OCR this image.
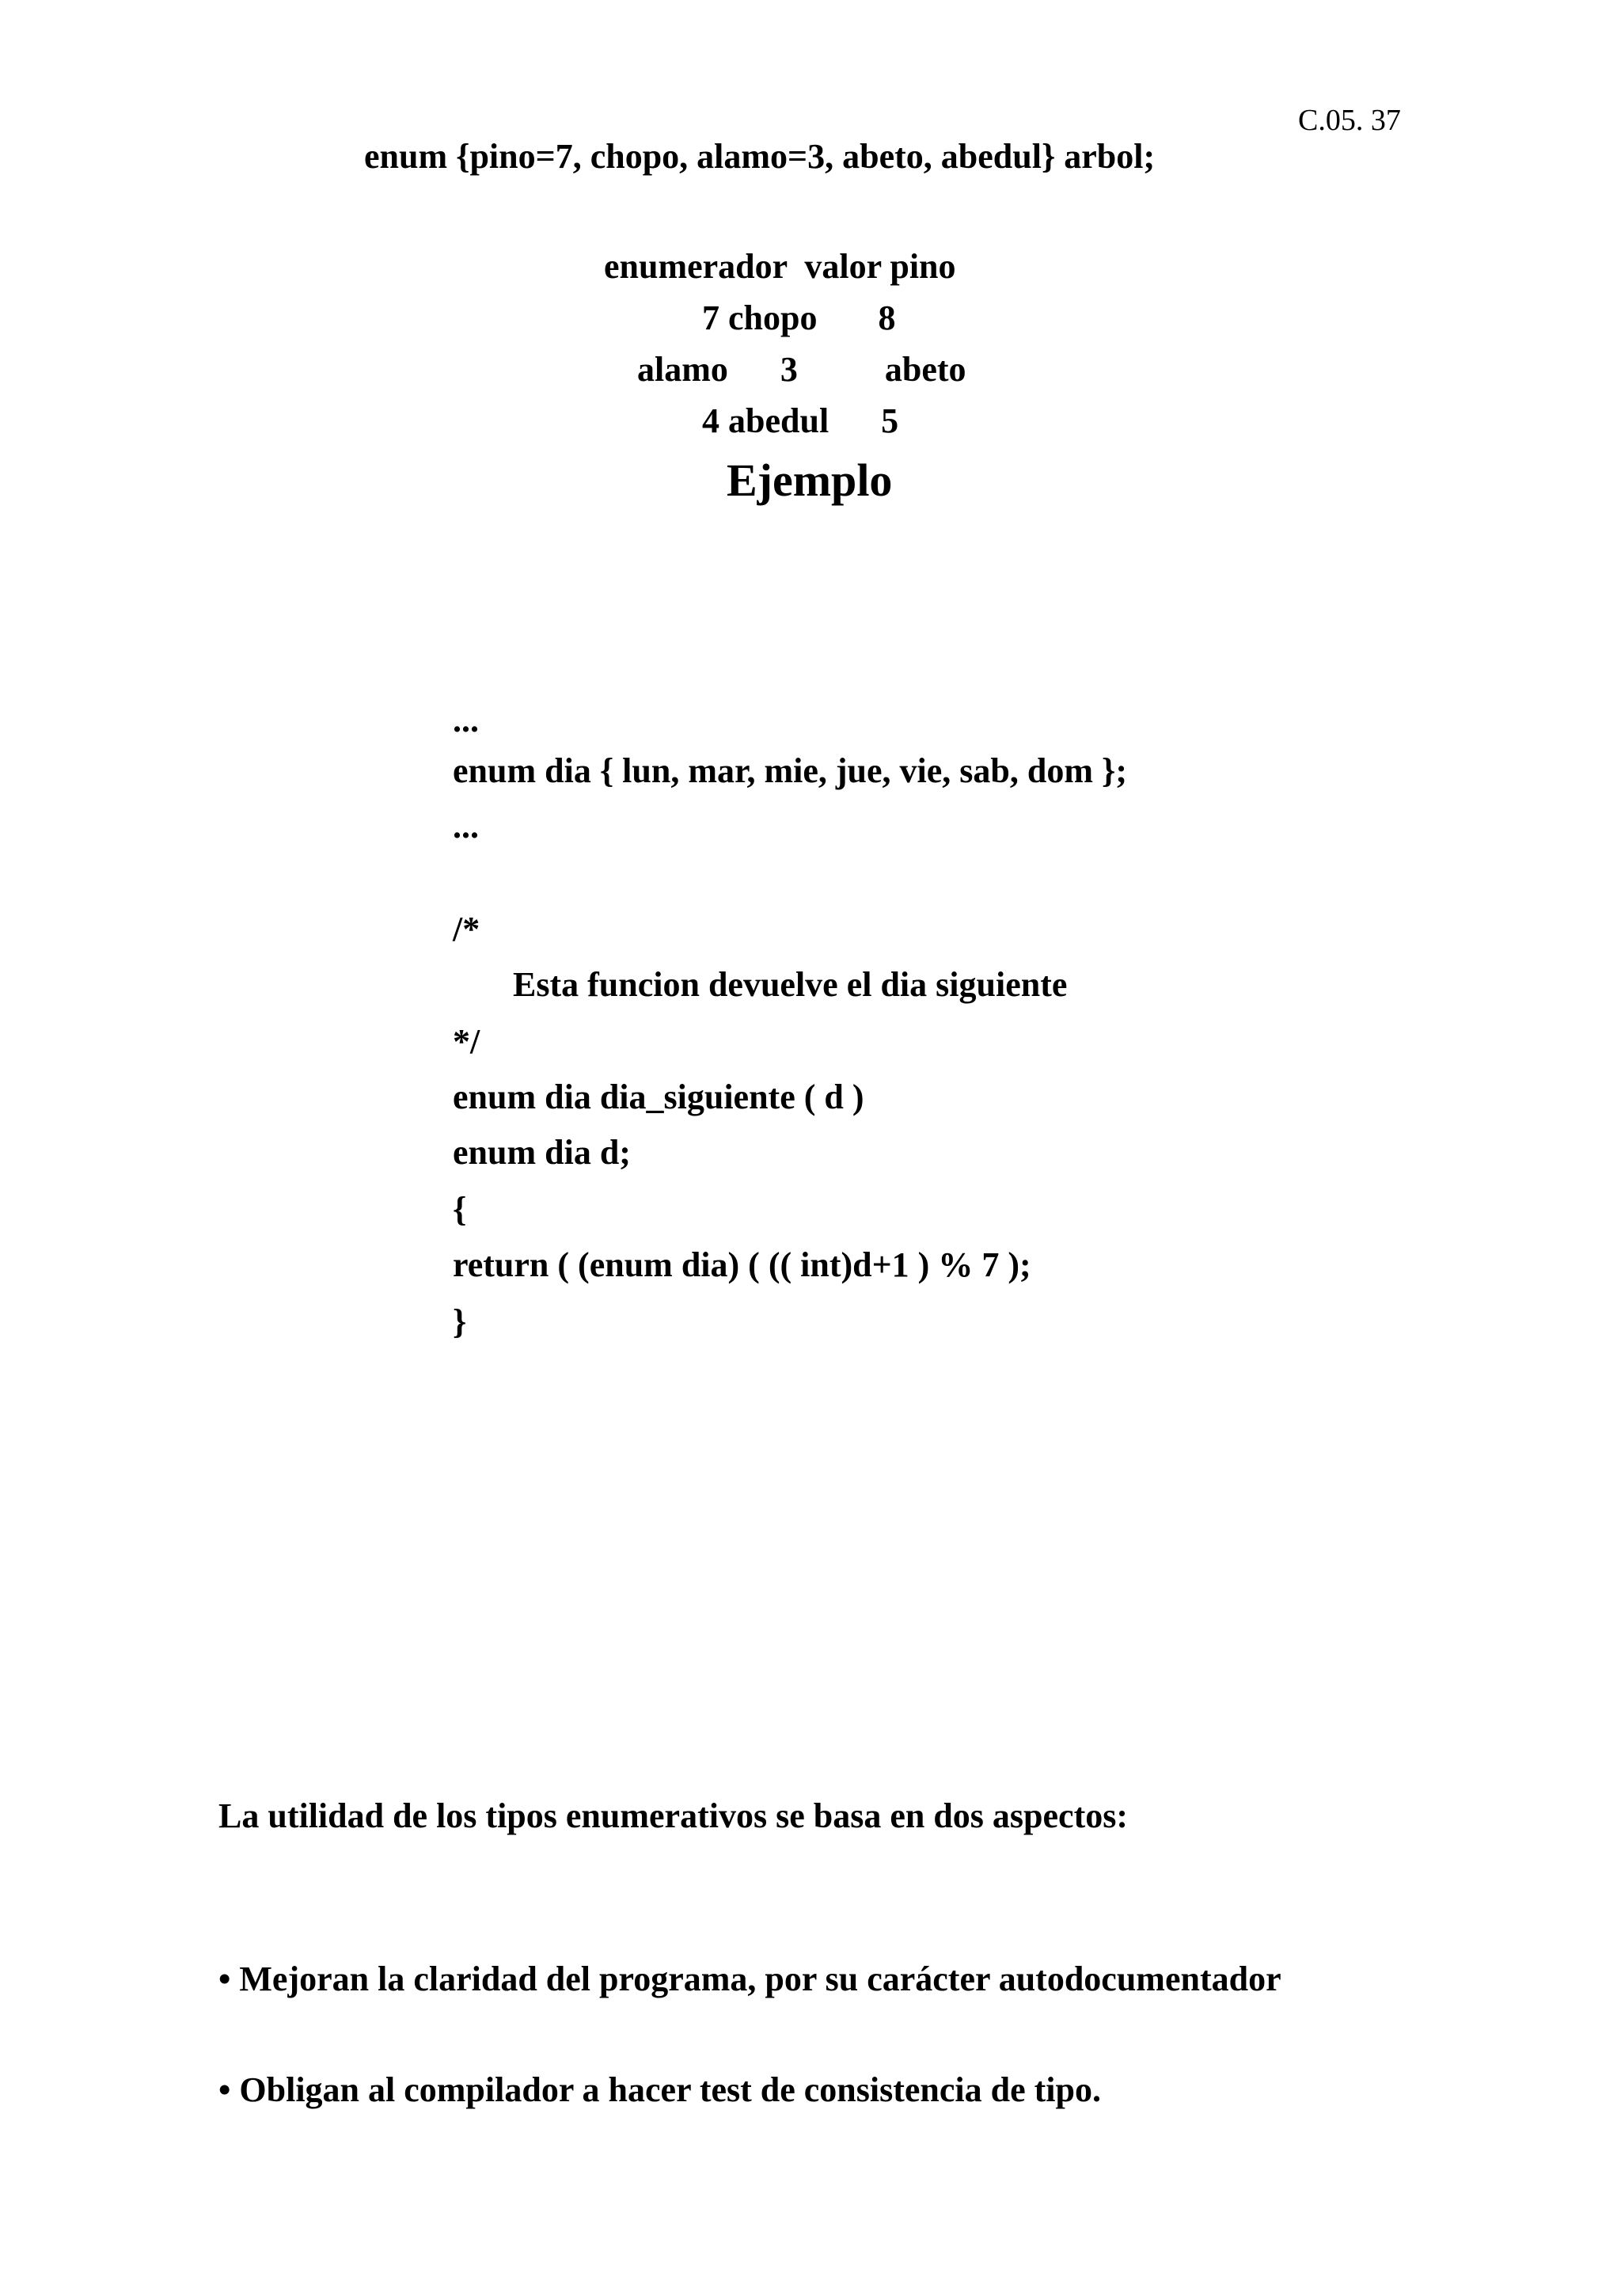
C.05. 37
enum {pino=7, chopo, alamo=3, abeto, abedul} arbol;
enumerador  valor pino
7 chopo       8
alamo      3          abeto
4 abedul      5
Ejemplo
...
enum dia { lun, mar, mie, jue, vie, sab, dom };
...
/*
Esta funcion devuelve el dia siguiente
*/
enum dia dia_siguiente ( d )
enum dia d;
{
return ( (enum dia) ( (( int)d+1 ) % 7 );
}
La utilidad de los tipos enumerativos se basa en dos aspectos:
• Mejoran la claridad del programa, por su carácter autodocumentador
• Obligan al compilador a hacer test de consistencia de tipo.
